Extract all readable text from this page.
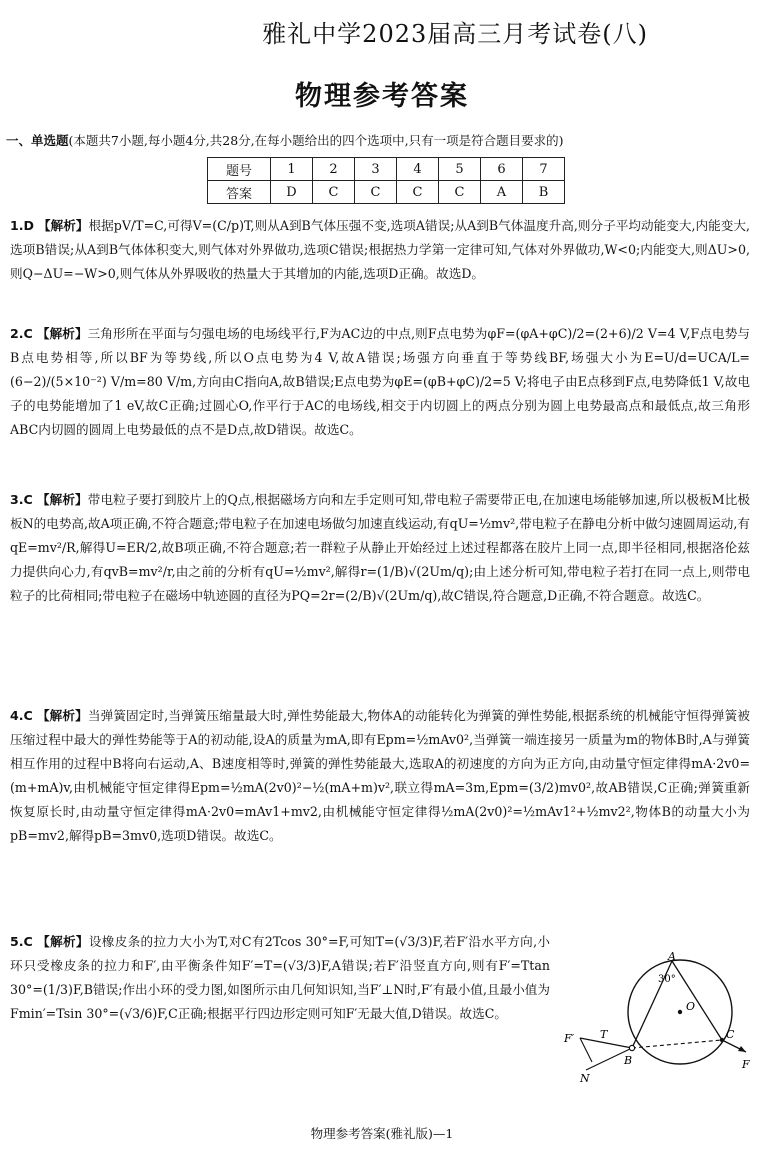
雅礼中学2023届高三月考试卷(八)
物理参考答案
一、单选题(本题共7小题,每小题4分,共28分,在每小题给出的四个选项中,只有一项是符合题目要求的)
题号	1	2	3	4	5	6	7
答案	D	C	C	C	C	A	B
1.D 【解析】根据pV/T=C,可得V=(C/p)T,则从A到B气体压强不变,选项A错误;从A到B气体温度升高,则分子平均动能变大,内能变大,选项B错误;从A到B气体体积变大,则气体对外界做功,选项C错误;根据热力学第一定律可知,气体对外界做功,W<0;内能变大,则ΔU>0,则Q−ΔU=−W>0,则气体从外界吸收的热量大于其增加的内能,选项D正确。故选D。
2.C 【解析】三角形所在平面与匀强电场的电场线平行,F为AC边的中点,则F点电势为φF=(φA+φC)/2=(2+6)/2 V=4 V,F点电势与B点电势相等,所以BF为等势线,所以O点电势为4 V,故A错误;场强方向垂直于等势线BF,场强大小为E=U/d=UCA/L=(6−2)/(5×10⁻²) V/m=80 V/m,方向由C指向A,故B错误;E点电势为φE=(φB+φC)/2=5 V;将电子由E点移到F点,电势降低1 V,故电子的电势能增加了1 eV,故C正确;过圆心O,作平行于AC的电场线,相交于内切圆上的两点分别为圆上电势最高点和最低点,故三角形ABC内切圆的圆周上电势最低的点不是D点,故D错误。故选C。
3.C 【解析】带电粒子要打到胶片上的Q点,根据磁场方向和左手定则可知,带电粒子需要带正电,在加速电场能够加速,所以极板M比极板N的电势高,故A项正确,不符合题意;带电粒子在加速电场做匀加速直线运动,有qU=½mv²,带电粒子在静电分析中做匀速圆周运动,有qE=mv²/R,解得U=ER/2,故B项正确,不符合题意;若一群粒子从静止开始经过上述过程都落在胶片上同一点,即半径相同,根据洛伦兹力提供向心力,有qvB=mv²/r,由之前的分析有qU=½mv²,解得r=(1/B)√(2Um/q);由上述分析可知,带电粒子若打在同一点上,则带电粒子的比荷相同;带电粒子在磁场中轨迹圆的直径为PQ=2r=(2/B)√(2Um/q),故C错误,符合题意,D正确,不符合题意。故选C。
4.C 【解析】当弹簧固定时,当弹簧压缩量最大时,弹性势能最大,物体A的动能转化为弹簧的弹性势能,根据系统的机械能守恒得弹簧被压缩过程中最大的弹性势能等于A的初动能,设A的质量为mA,即有Epm=½mAv0²,当弹簧一端连接另一质量为m的物体B时,A与弹簧相互作用的过程中B将向右运动,A、B速度相等时,弹簧的弹性势能最大,选取A的初速度的方向为正方向,由动量守恒定律得mA·2v0=(m+mA)v,由机械能守恒定律得Epm=½mA(2v0)²−½(mA+m)v²,联立得mA=3m,Epm=(3/2)mv0²,故AB错误,C正确;弹簧重新恢复原长时,由动量守恒定律得mA·2v0=mAv1+mv2,由机械能守恒定律得½mA(2v0)²=½mAv1²+½mv2²,物体B的动量大小为pB=mv2,解得pB=3mv0,选项D错误。故选C。
5.C 【解析】设橡皮条的拉力大小为T,对C有2Tcos 30°=F,可知T=(√3/3)F,若F′沿水平方向,小环只受橡皮条的拉力和F′,由平衡条件知F′=T=(√3/3)F,A错误;若F′沿竖直方向,则有F′=Ttan 30°=(1/3)F,B错误;作出小环的受力图,如图所示由几何知识知,当F′⊥N时,F′有最小值,且最小值为Fmin′=Tsin 30°=(√3/6)F,C正确;根据平行四边形定则可知F′无最大值,D错误。故选C。
A
30°
O
C
B
T
F′
N
F
物理参考答案(雅礼版)—1
